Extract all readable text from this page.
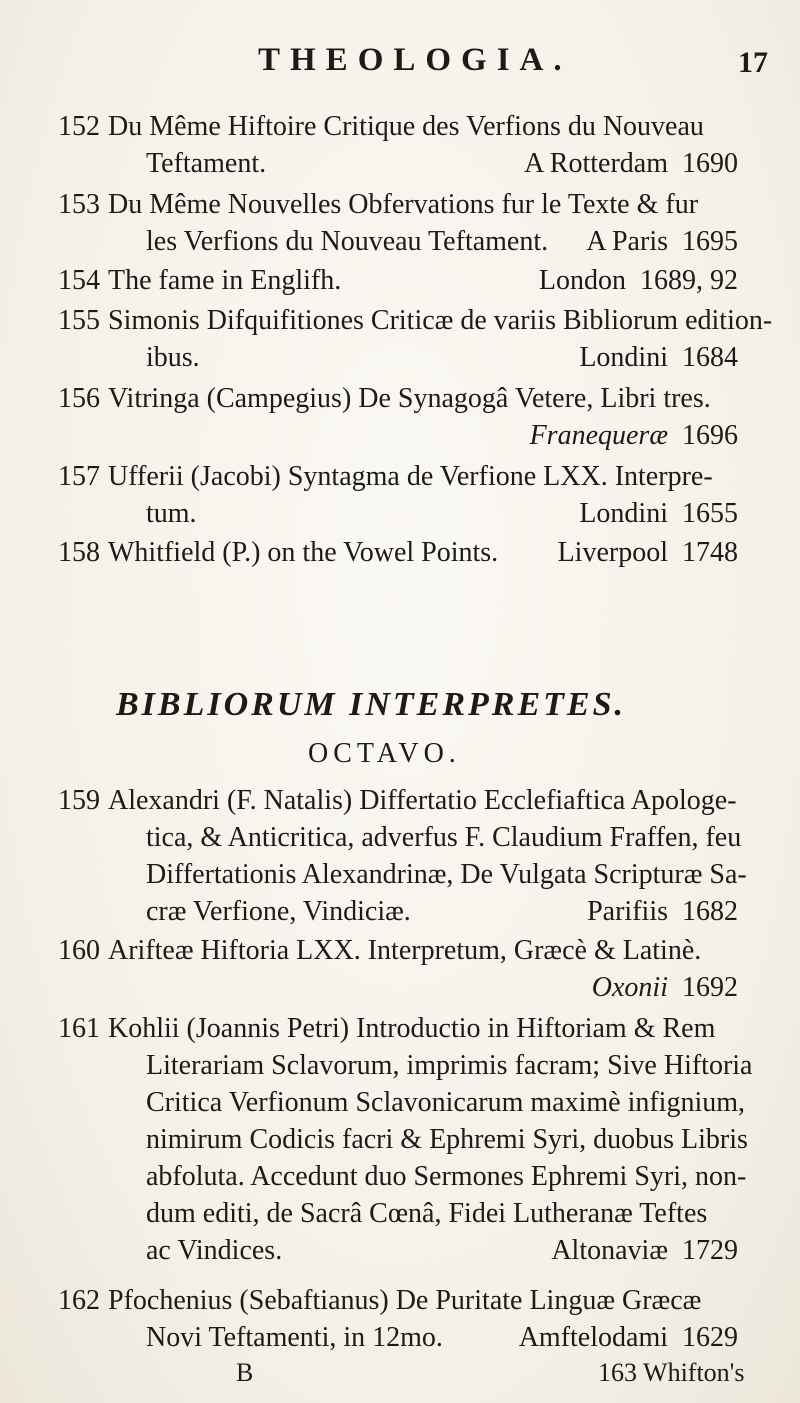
THEOLOGIA.	17
152 Du Même Hiftoire Critique des Verfions du Nouveau
Teftament.	A Rotterdam 1690
153 Du Même Nouvelles Obfervations fur le Texte & fur
les Verfions du Nouveau Teftament. A Paris 1695
154 The fame in Englifh.	London 1689, 92
155 Simonis Difquifitiones Criticæ de variis Bibliorum edition-
ibus.	Londini 1684
156 Vitringa (Campegius) De Synagogâ Vetere, Libri tres.
Franequeræ 1696
157 Ufferii (Jacobi) Syntagma de Verfione LXX. Interpre-
tum.	Londini 1655
158 Whitfield (P.) on the Vowel Points. Liverpool 1748
BIBLIORUM INTERPRETES.
OCTAVO.
159 Alexandri (F. Natalis) Differtatio Ecclefiaftica Apologe-
tica, & Anticritica, adverfus F. Claudium Fraffen, feu
Differtationis Alexandrinæ, De Vulgata Scripturæ Sa-
cræ Verfione, Vindiciæ.	Parifiis 1682
160 Arifteæ Hiftoria LXX. Interpretum, Græcè & Latinè.
Oxonii 1692
161 Kohlii (Joannis Petri) Introductio in Hiftoriam & Rem
Literariam Sclavorum, imprimis facram; Sive Hiftoria
Critica Verfionum Sclavonicarum maximè infignium,
nimirum Codicis facri & Ephremi Syri, duobus Libris
abfoluta. Accedunt duo Sermones Ephremi Syri, non-
dum editi, de Sacrâ Cœnâ, Fidei Lutheranæ Teftes
ac Vindices.	Altonaviæ 1729
162 Pfochenius (Sebaftianus) De Puritate Linguæ Græcæ
Novi Teftamenti, in 12mo.	Amftelodami 1629
B	163 Whifton's
